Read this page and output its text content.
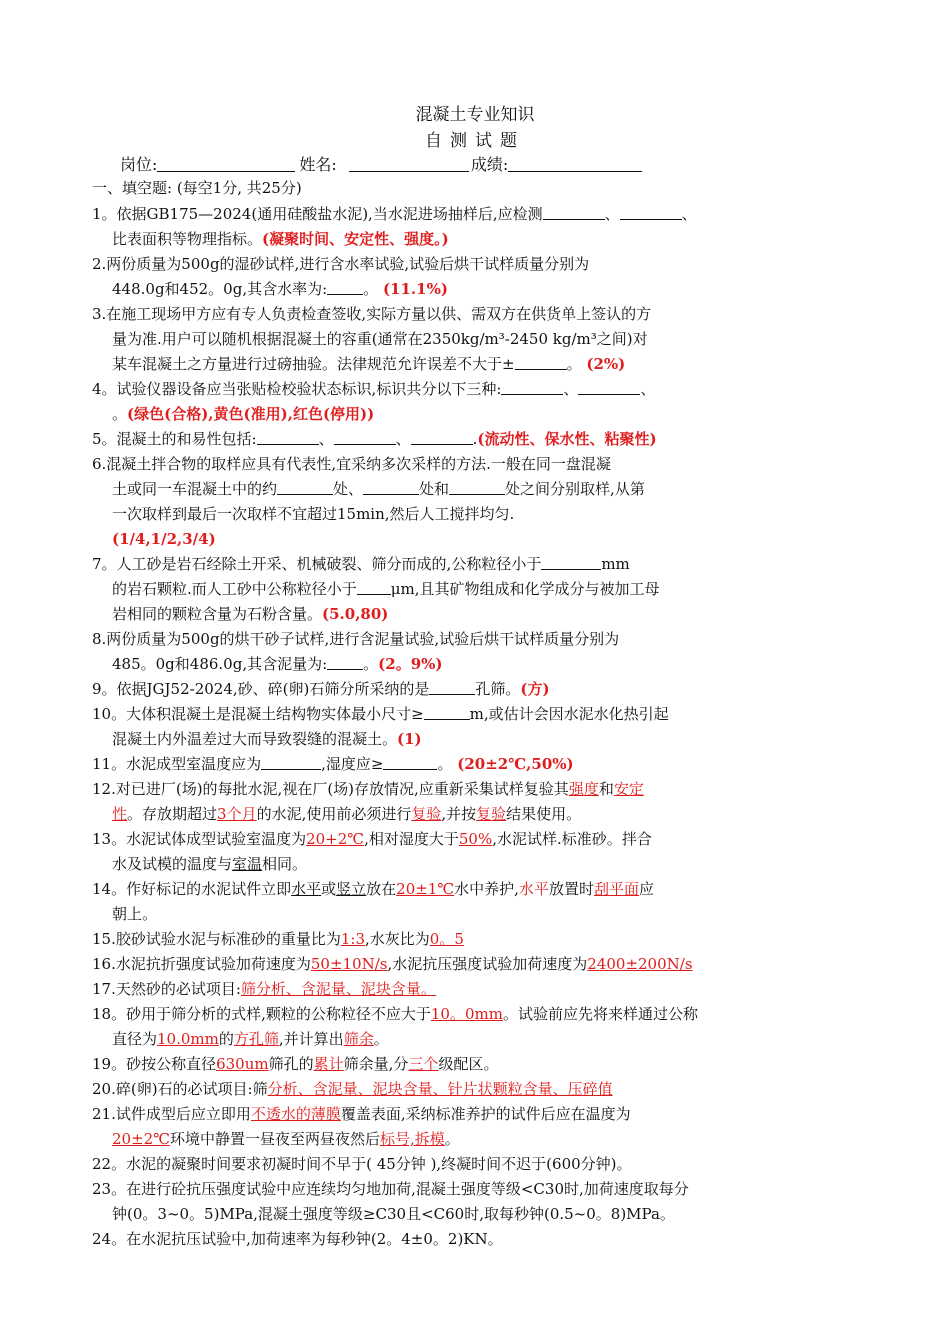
混凝土专业知识
自测试题
岗位:	姓名:	成绩:
一、填空题: (每空1分, 共25分)
1。依据GB175—2024(通用硅酸盐水泥),当水泥进场抽样后,应检测	、	、
比表面积等物理指标。(凝聚时间、安定性、强度。)
2.两份质量为500g的湿砂试样,进行含水率试验,试验后烘干试样质量分别为
448.0g和452。0g,其含水率为: 。 (11.1%)
3.在施工现场甲方应有专人负责检查签收,实际方量以供、需双方在供货单上签认的方
量为准.用户可以随机根据混凝土的容重(通常在2350kg/m³-2450 kg/m³之间)对
某车混凝土之方量进行过磅抽验。法律规范允许误差不大于±	。 (2%)
4。试验仪器设备应当张贴检校验状态标识,标识共分以下三种:	、	、
。(绿色(合格),黄色(准用),红色(停用))
5。混凝土的和易性包括:	、	、	.(流动性、保水性、粘聚性)
6.混凝土拌合物的取样应具有代表性,宜采纳多次采样的方法.一般在同一盘混凝
土或同一车混凝土中的约	处、	处和	处之间分别取样,从第
一次取样到最后一次取样不宜超过15min,然后人工搅拌均匀.
(1/4,1/2,3/4)
7。人工砂是岩石经除土开采、机械破裂、筛分而成的,公称粒径小于	mm
的岩石颗粒.而人工砂中公称粒径小于 μm,且其矿物组成和化学成分与被加工母
岩相同的颗粒含量为石粉含量。(5.0,80)
8.两份质量为500g的烘干砂子试样,进行含泥量试验,试验后烘干试样质量分别为
485。0g和486.0g,其含泥量为: 。(2。9%)
9。依据JGJ52-2024,砂、碎(卵)石筛分所采纳的是	孔筛。(方)
10。大体积混凝土是混凝土结构物实体最小尺寸≥	m,或估计会因水泥水化热引起
混凝土内外温差过大而导致裂缝的混凝土。(1)
11。水泥成型室温度应为	,湿度应≥	。 (20±2℃,50%)
12.对已进厂(场)的每批水泥,视在厂(场)存放情况,应重新采集试样复验其强度和安定
性。存放期超过3个月的水泥,使用前必须进行复验,并按复验结果使用。
13。水泥试体成型试验室温度为20+2℃,相对湿度大于50%,水泥试样.标准砂。拌合
水及试模的温度与室温相同。
14。作好标记的水泥试件立即水平或竖立放在20±1℃水中养护,水平放置时刮平面应
朝上。
15.胶砂试验水泥与标准砂的重量比为1:3,水灰比为0。5
16.水泥抗折强度试验加荷速度为50±10N/s,水泥抗压强度试验加荷速度为2400±200N/s
17.天然砂的必试项目:筛分析、含泥量、泥块含量。
18。砂用于筛分析的式样,颗粒的公称粒径不应大于10。0mm。试验前应先将来样通过公称
直径为10.0mm的方孔筛,并计算出筛余。
19。砂按公称直径630um筛孔的累计筛余量,分三个级配区。
20.碎(卵)石的必试项目:筛分析、含泥量、泥块含量、针片状颗粒含量、压碎值
21.试件成型后应立即用不透水的薄膜覆盖表面,采纳标准养护的试件后应在温度为
20±2℃环境中静置一昼夜至两昼夜然后标号,拆模。
22。水泥的凝聚时间要求初凝时间不早于( 45分钟 ),终凝时间不迟于(600分钟)。
23。在进行砼抗压强度试验中应连续均匀地加荷,混凝土强度等级<C30时,加荷速度取每分
钟(0。3~0。5)MPa,混凝土强度等级≥C30且<C60时,取每秒钟(0.5~0。8)MPa。
24。在水泥抗压试验中,加荷速率为每秒钟(2。4±0。2)KN。
